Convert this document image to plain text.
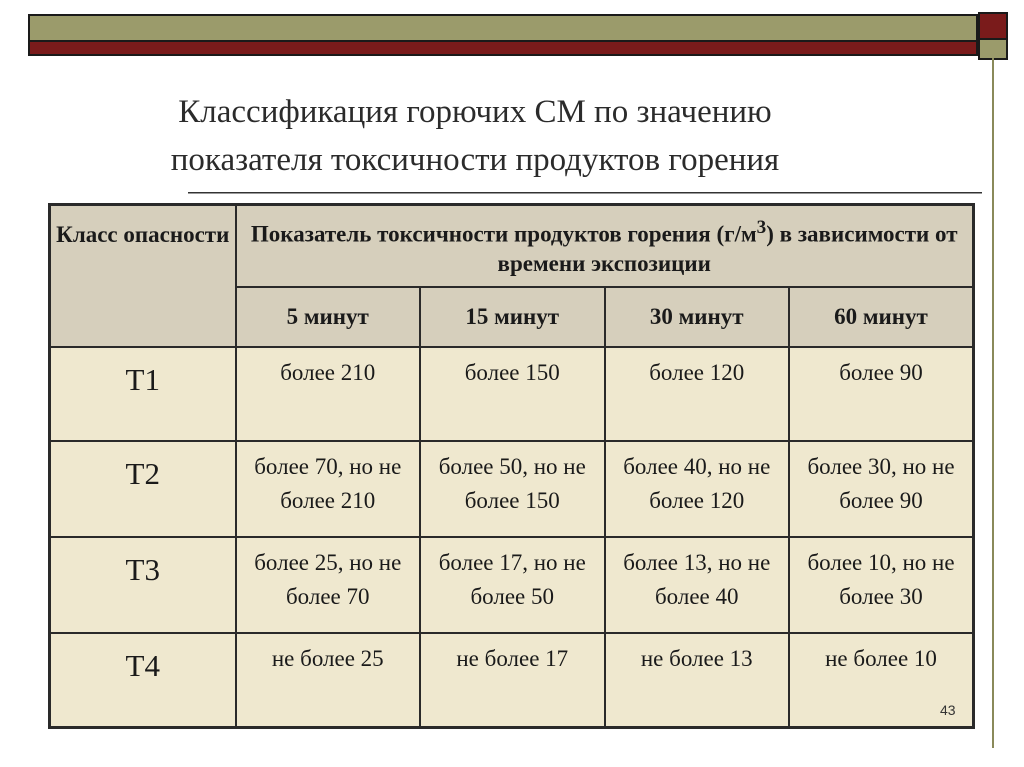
Классификация горючих СМ по значению
показателя токсичности продуктов горения
Класс опасности	Показатель токсичности продуктов горения $(г/м^3)$ в зависимости от времени экспозиции			
	5 минут	15 минут	30 минут	60 минут
Т1	более 210	более 150	более 120	более 90
Т2	более 70, но не более 210	более 50, но не более 150	более 40, но не более 120	более 30, но не более 90
Т3	более 25, но не более 70	более 17, но не более 50	более 13, но не более 40	более 10, но не более 30
Т4	не более 25	не более 17	не более 13	не более 10
43
